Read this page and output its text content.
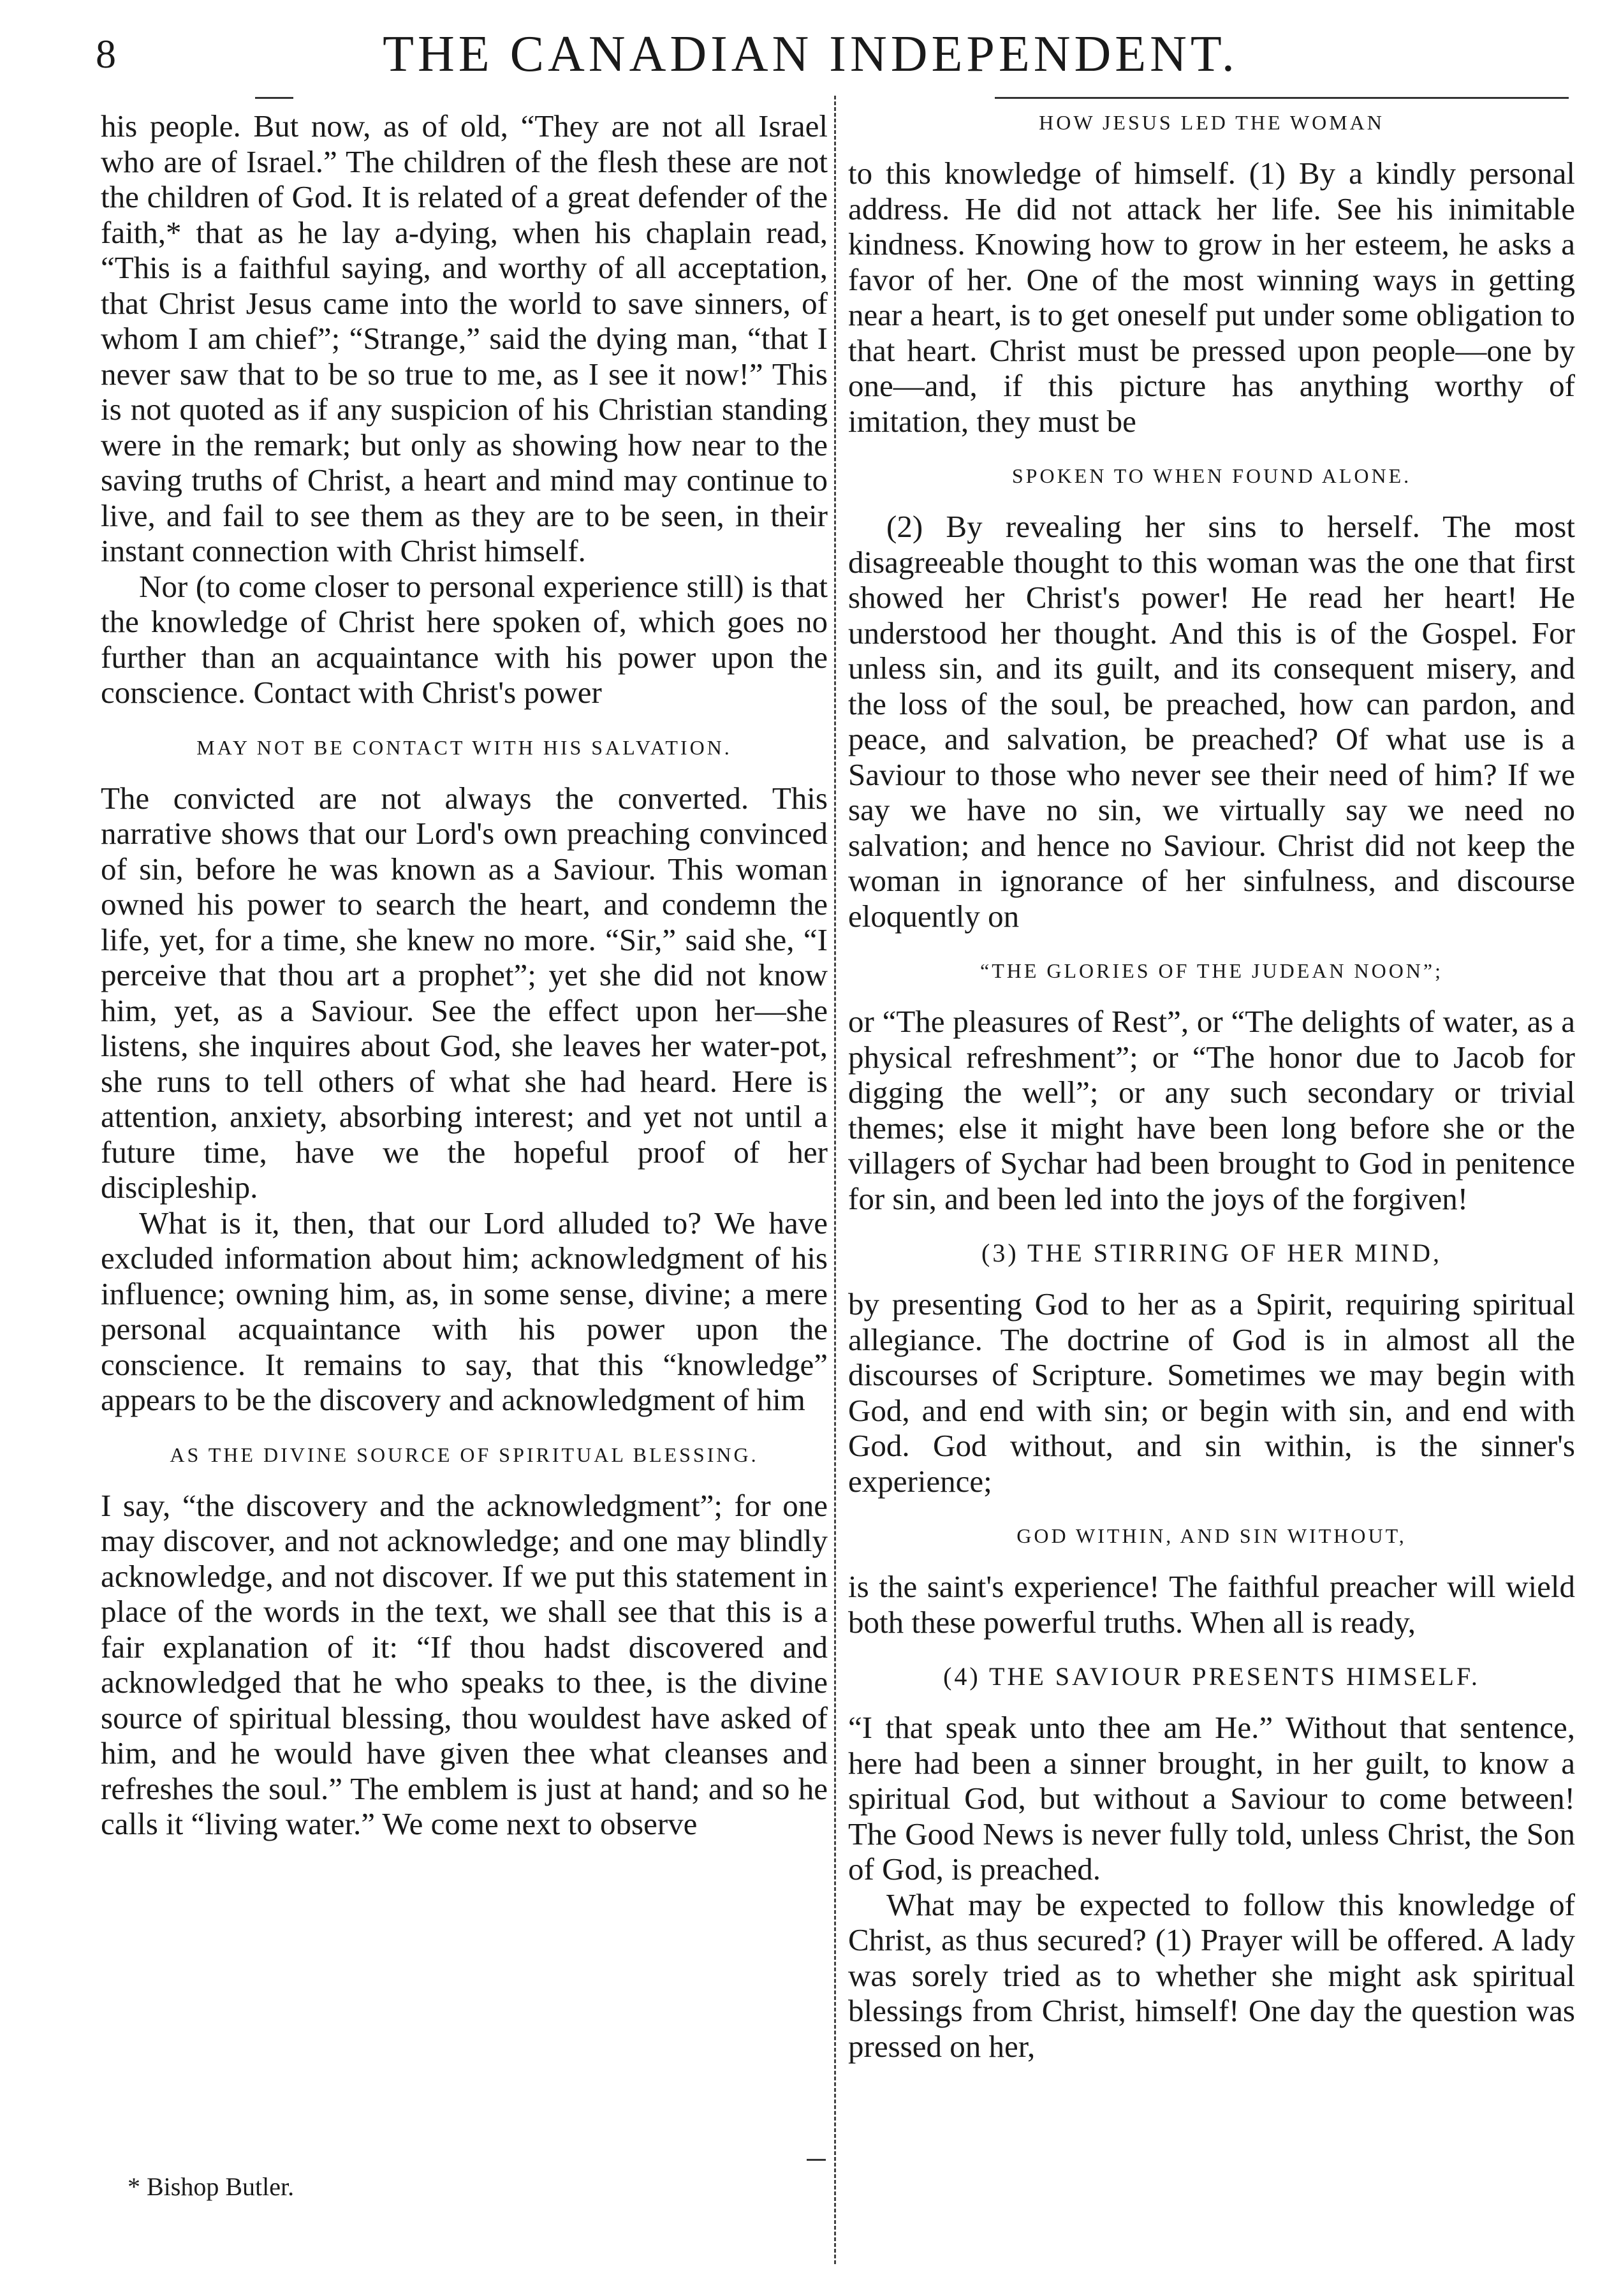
8	THE CANADIAN INDEPENDENT.

his people. But now, as of old, “They are not all Israel who are of Israel.” The children of the flesh these are not the children of God. It is related of a great defender of the faith,* that as he lay a-dying, when his chaplain read, “This is a faithful saying, and worthy of all acceptation, that Christ Jesus came into the world to save sinners, of whom I am chief”; “Strange,” said the dying man, “that I never saw that to be so true to me, as I see it now!” This is not quoted as if any suspicion of his Christian standing were in the remark; but only as showing how near to the saving truths of Christ, a heart and mind may continue to live, and fail to see them as they are to be seen, in their instant connection with Christ himself.

Nor (to come closer to personal experience still) is that the knowledge of Christ here spoken of, which goes no further than an acquaintance with his power upon the conscience. Contact with Christ's power

MAY NOT BE CONTACT WITH HIS SALVATION.

The convicted are not always the converted. This narrative shows that our Lord's own preaching convinced of sin, before he was known as a Saviour. This woman owned his power to search the heart, and condemn the life, yet, for a time, she knew no more. “Sir,” said she, “I perceive that thou art a prophet”; yet she did not know him, yet, as a Saviour. See the effect upon her—she listens, she inquires about God, she leaves her water-pot, she runs to tell others of what she had heard. Here is attention, anxiety, absorbing interest; and yet not until a future time, have we the hopeful proof of her discipleship.

What is it, then, that our Lord alluded to? We have excluded information about him; acknowledgment of his influence; owning him, as, in some sense, divine; a mere personal acquaintance with his power upon the conscience. It remains to say, that this “knowledge” appears to be the discovery and acknowledgment of him

AS THE DIVINE SOURCE OF SPIRITUAL BLESSING.

I say, “the discovery and the acknowledgment”; for one may discover, and not acknowledge; and one may blindly acknowledge, and not discover. If we put this statement in place of the words in the text, we shall see that this is a fair explanation of it: “If thou hadst discovered and acknowledged that he who speaks to thee, is the divine source of spiritual blessing, thou wouldest have asked of him, and he would have given thee what cleanses and refreshes the soul.” The emblem is just at hand; and so he calls it “living water.” We come next to observe

HOW JESUS LED THE WOMAN

to this knowledge of himself. (1) By a kindly personal address. He did not attack her life. See his inimitable kindness. Knowing how to grow in her esteem, he asks a favor of her. One of the most winning ways in getting near a heart, is to get oneself put under some obligation to that heart. Christ must be pressed upon people—one by one—and, if this picture has anything worthy of imitation, they must be

SPOKEN TO WHEN FOUND ALONE.

(2) By revealing her sins to herself. The most disagreeable thought to this woman was the one that first showed her Christ's power! He read her heart! He understood her thought. And this is of the Gospel. For unless sin, and its guilt, and its consequent misery, and the loss of the soul, be preached, how can pardon, and peace, and salvation, be preached? Of what use is a Saviour to those who never see their need of him? If we say we have no sin, we virtually say we need no salvation; and hence no Saviour. Christ did not keep the woman in ignorance of her sinfulness, and discourse eloquently on

“THE GLORIES OF THE JUDEAN NOON”;

or “The pleasures of Rest”, or “The delights of water, as a physical refreshment”; or “The honor due to Jacob for digging the well”; or any such secondary or trivial themes; else it might have been long before she or the villagers of Sychar had been brought to God in penitence for sin, and been led into the joys of the forgiven!

(3) THE STIRRING OF HER MIND,

by presenting God to her as a Spirit, requiring spiritual allegiance. The doctrine of God is in almost all the discourses of Scripture. Sometimes we may begin with God, and end with sin; or begin with sin, and end with God. God without, and sin within, is the sinner's experience;

GOD WITHIN, AND SIN WITHOUT,

is the saint's experience! The faithful preacher will wield both these powerful truths. When all is ready,

(4) THE SAVIOUR PRESENTS HIMSELF.

“I that speak unto thee am He.” Without that sentence, here had been a sinner brought, in her guilt, to know a spiritual God, but without a Saviour to come between! The Good News is never fully told, unless Christ, the Son of God, is preached.

What may be expected to follow this knowledge of Christ, as thus secured? (1) Prayer will be offered. A lady was sorely tried as to whether she might ask spiritual blessings from Christ, himself! One day the question was pressed on her,

* Bishop Butler.
